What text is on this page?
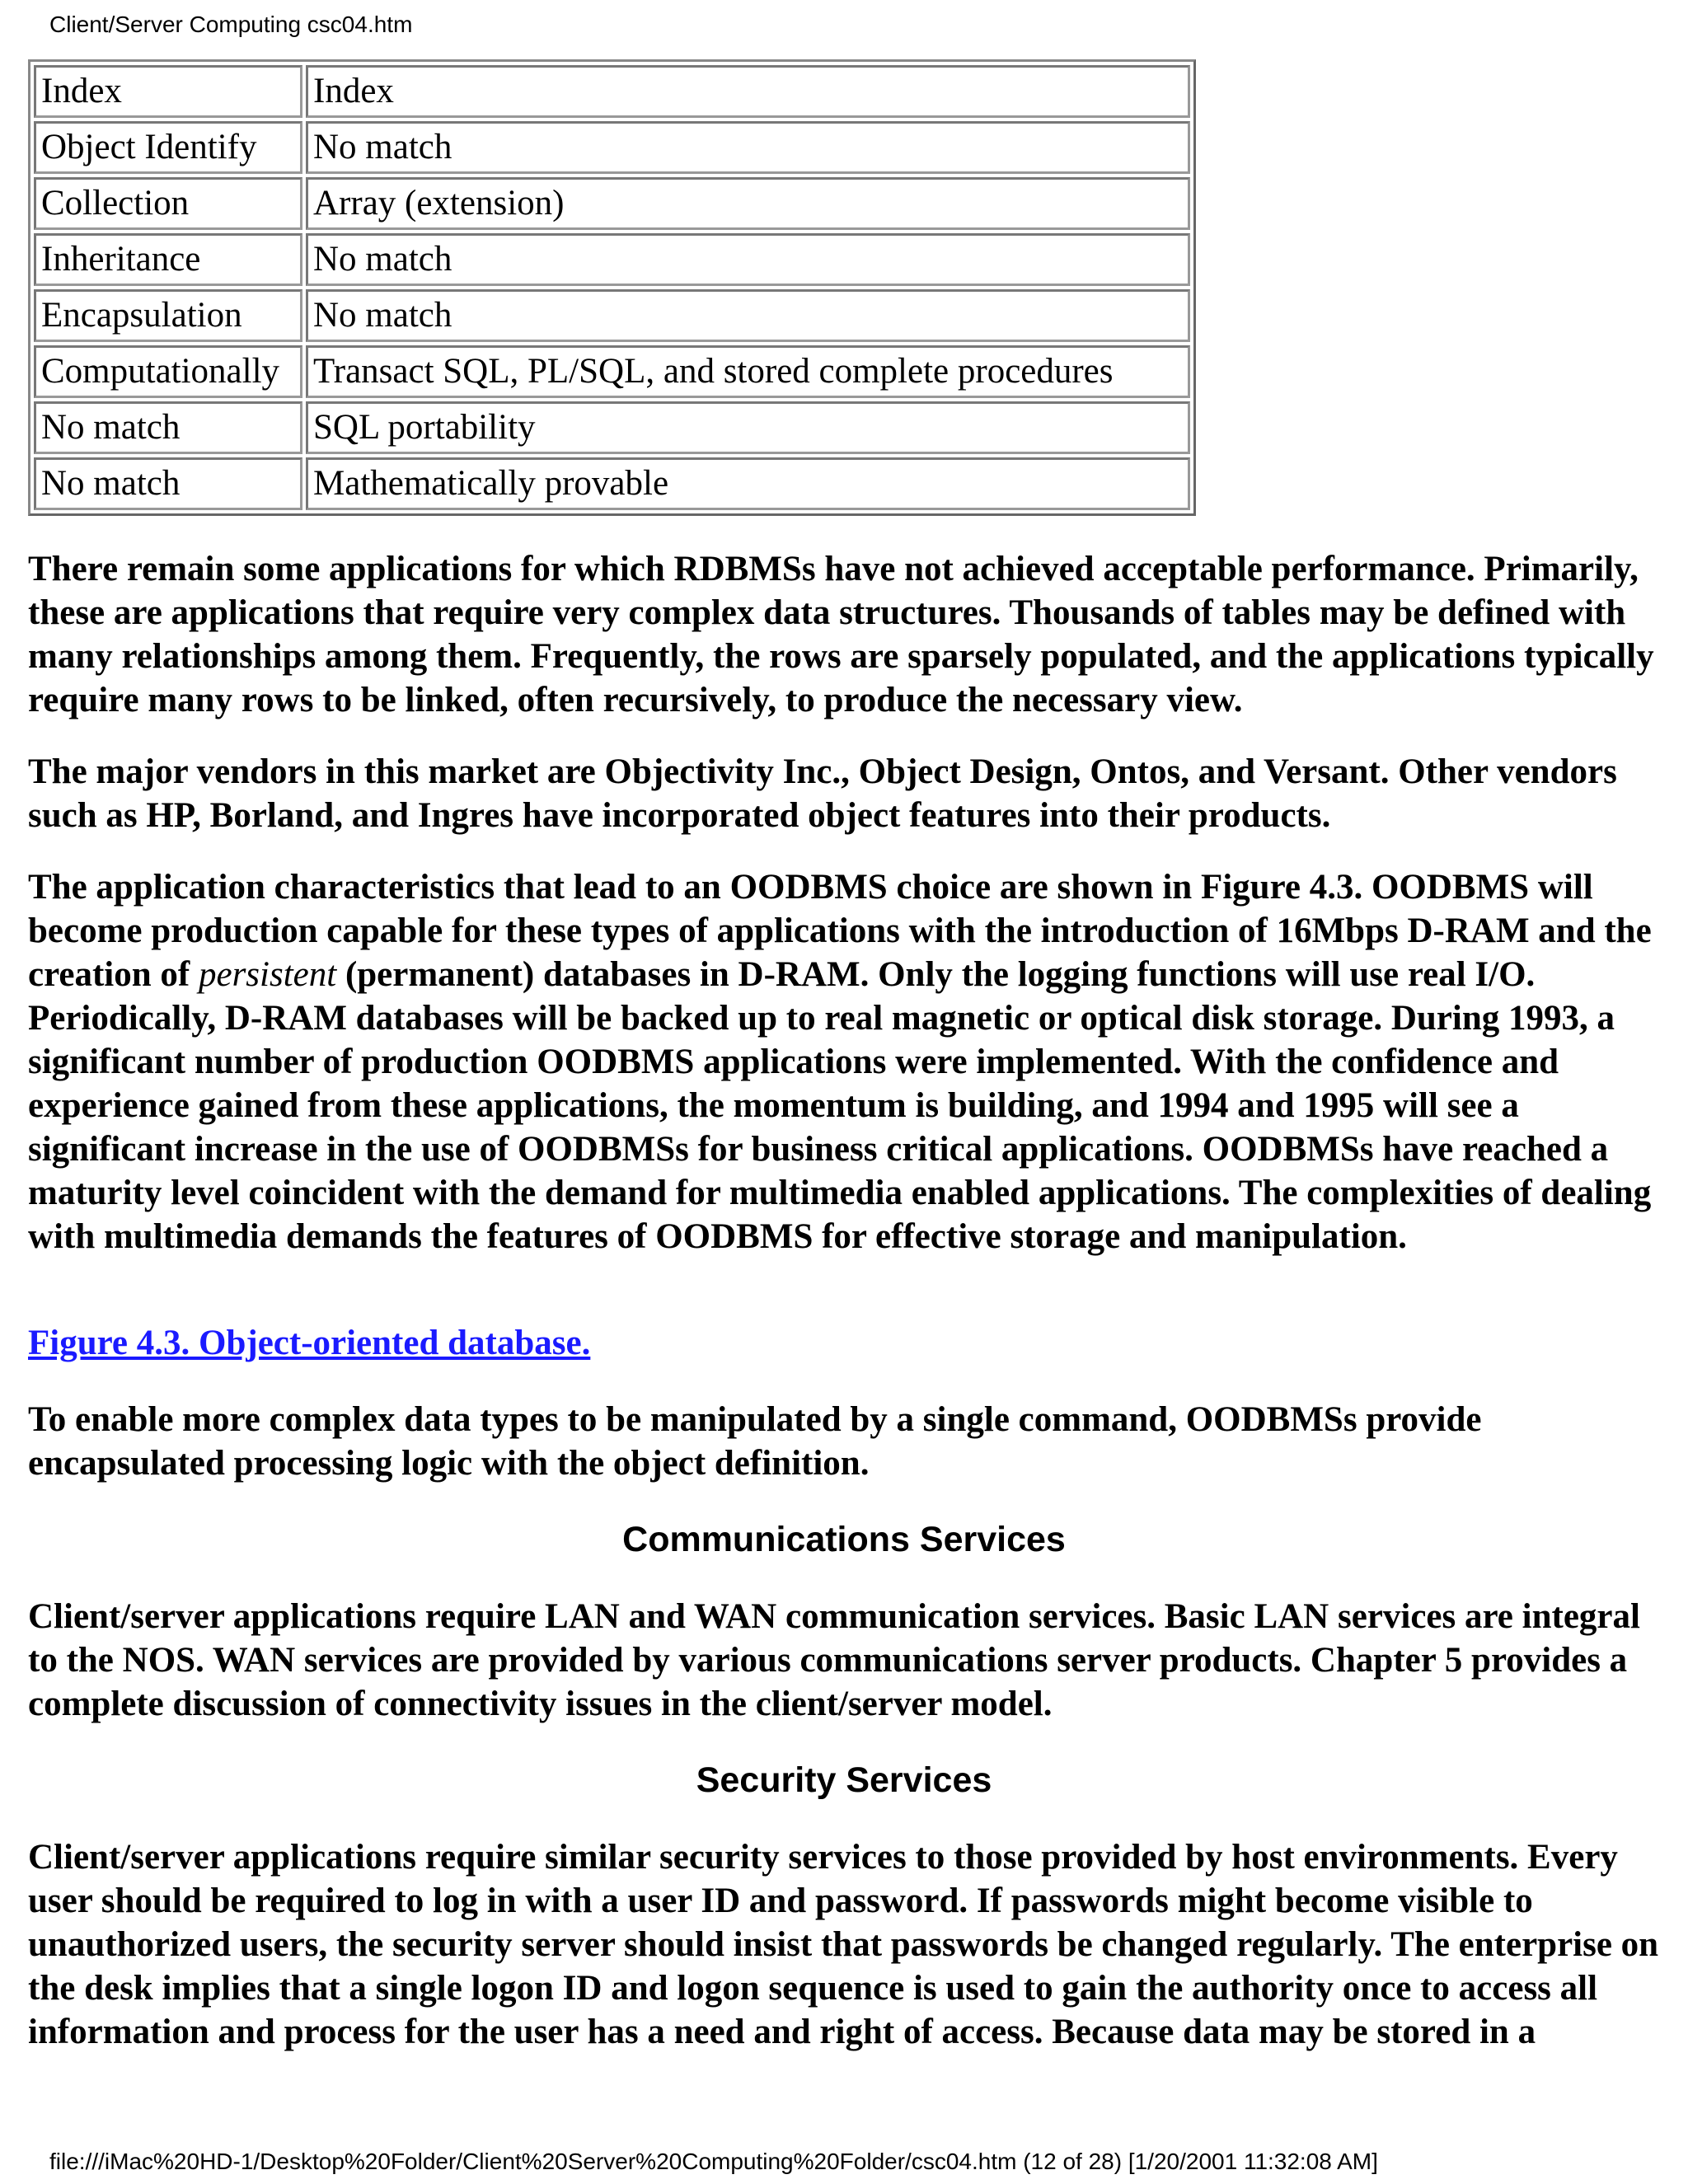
Client/Server Computing csc04.htm
Index	Index
Object Identify	No match
Collection	Array (extension)
Inheritance	No match
Encapsulation	No match
Computationally	Transact SQL, PL/SQL, and stored complete procedures
No match	SQL portability
No match	Mathematically provable

There remain some applications for which RDBMSs have not achieved acceptable performance. Primarily, these are applications that require very complex data structures. Thousands of tables may be defined with many relationships among them. Frequently, the rows are sparsely populated, and the applications typically require many rows to be linked, often recursively, to produce the necessary view.

The major vendors in this market are Objectivity Inc., Object Design, Ontos, and Versant. Other vendors such as HP, Borland, and Ingres have incorporated object features into their products.

The application characteristics that lead to an OODBMS choice are shown in Figure 4.3. OODBMS will become production capable for these types of applications with the introduction of 16Mbps D-RAM and the creation of persistent (permanent) databases in D-RAM. Only the logging functions will use real I/O. Periodically, D-RAM databases will be backed up to real magnetic or optical disk storage. During 1993, a significant number of production OODBMS applications were implemented. With the confidence and experience gained from these applications, the momentum is building, and 1994 and 1995 will see a significant increase in the use of OODBMSs for business critical applications. OODBMSs have reached a maturity level coincident with the demand for multimedia enabled applications. The complexities of dealing with multimedia demands the features of OODBMS for effective storage and manipulation.

Figure 4.3. Object-oriented database.

To enable more complex data types to be manipulated by a single command, OODBMSs provide encapsulated processing logic with the object definition.

Communications Services

Client/server applications require LAN and WAN communication services. Basic LAN services are integral to the NOS. WAN services are provided by various communications server products. Chapter 5 provides a complete discussion of connectivity issues in the client/server model.

Security Services

Client/server applications require similar security services to those provided by host environments. Every user should be required to log in with a user ID and password. If passwords might become visible to unauthorized users, the security server should insist that passwords be changed regularly. The enterprise on the desk implies that a single logon ID and logon sequence is used to gain the authority once to access all information and process for the user has a need and right of access. Because data may be stored in a

file:///iMac%20HD-1/Desktop%20Folder/Client%20Server%20Computing%20Folder/csc04.htm (12 of 28) [1/20/2001 11:32:08 AM]
